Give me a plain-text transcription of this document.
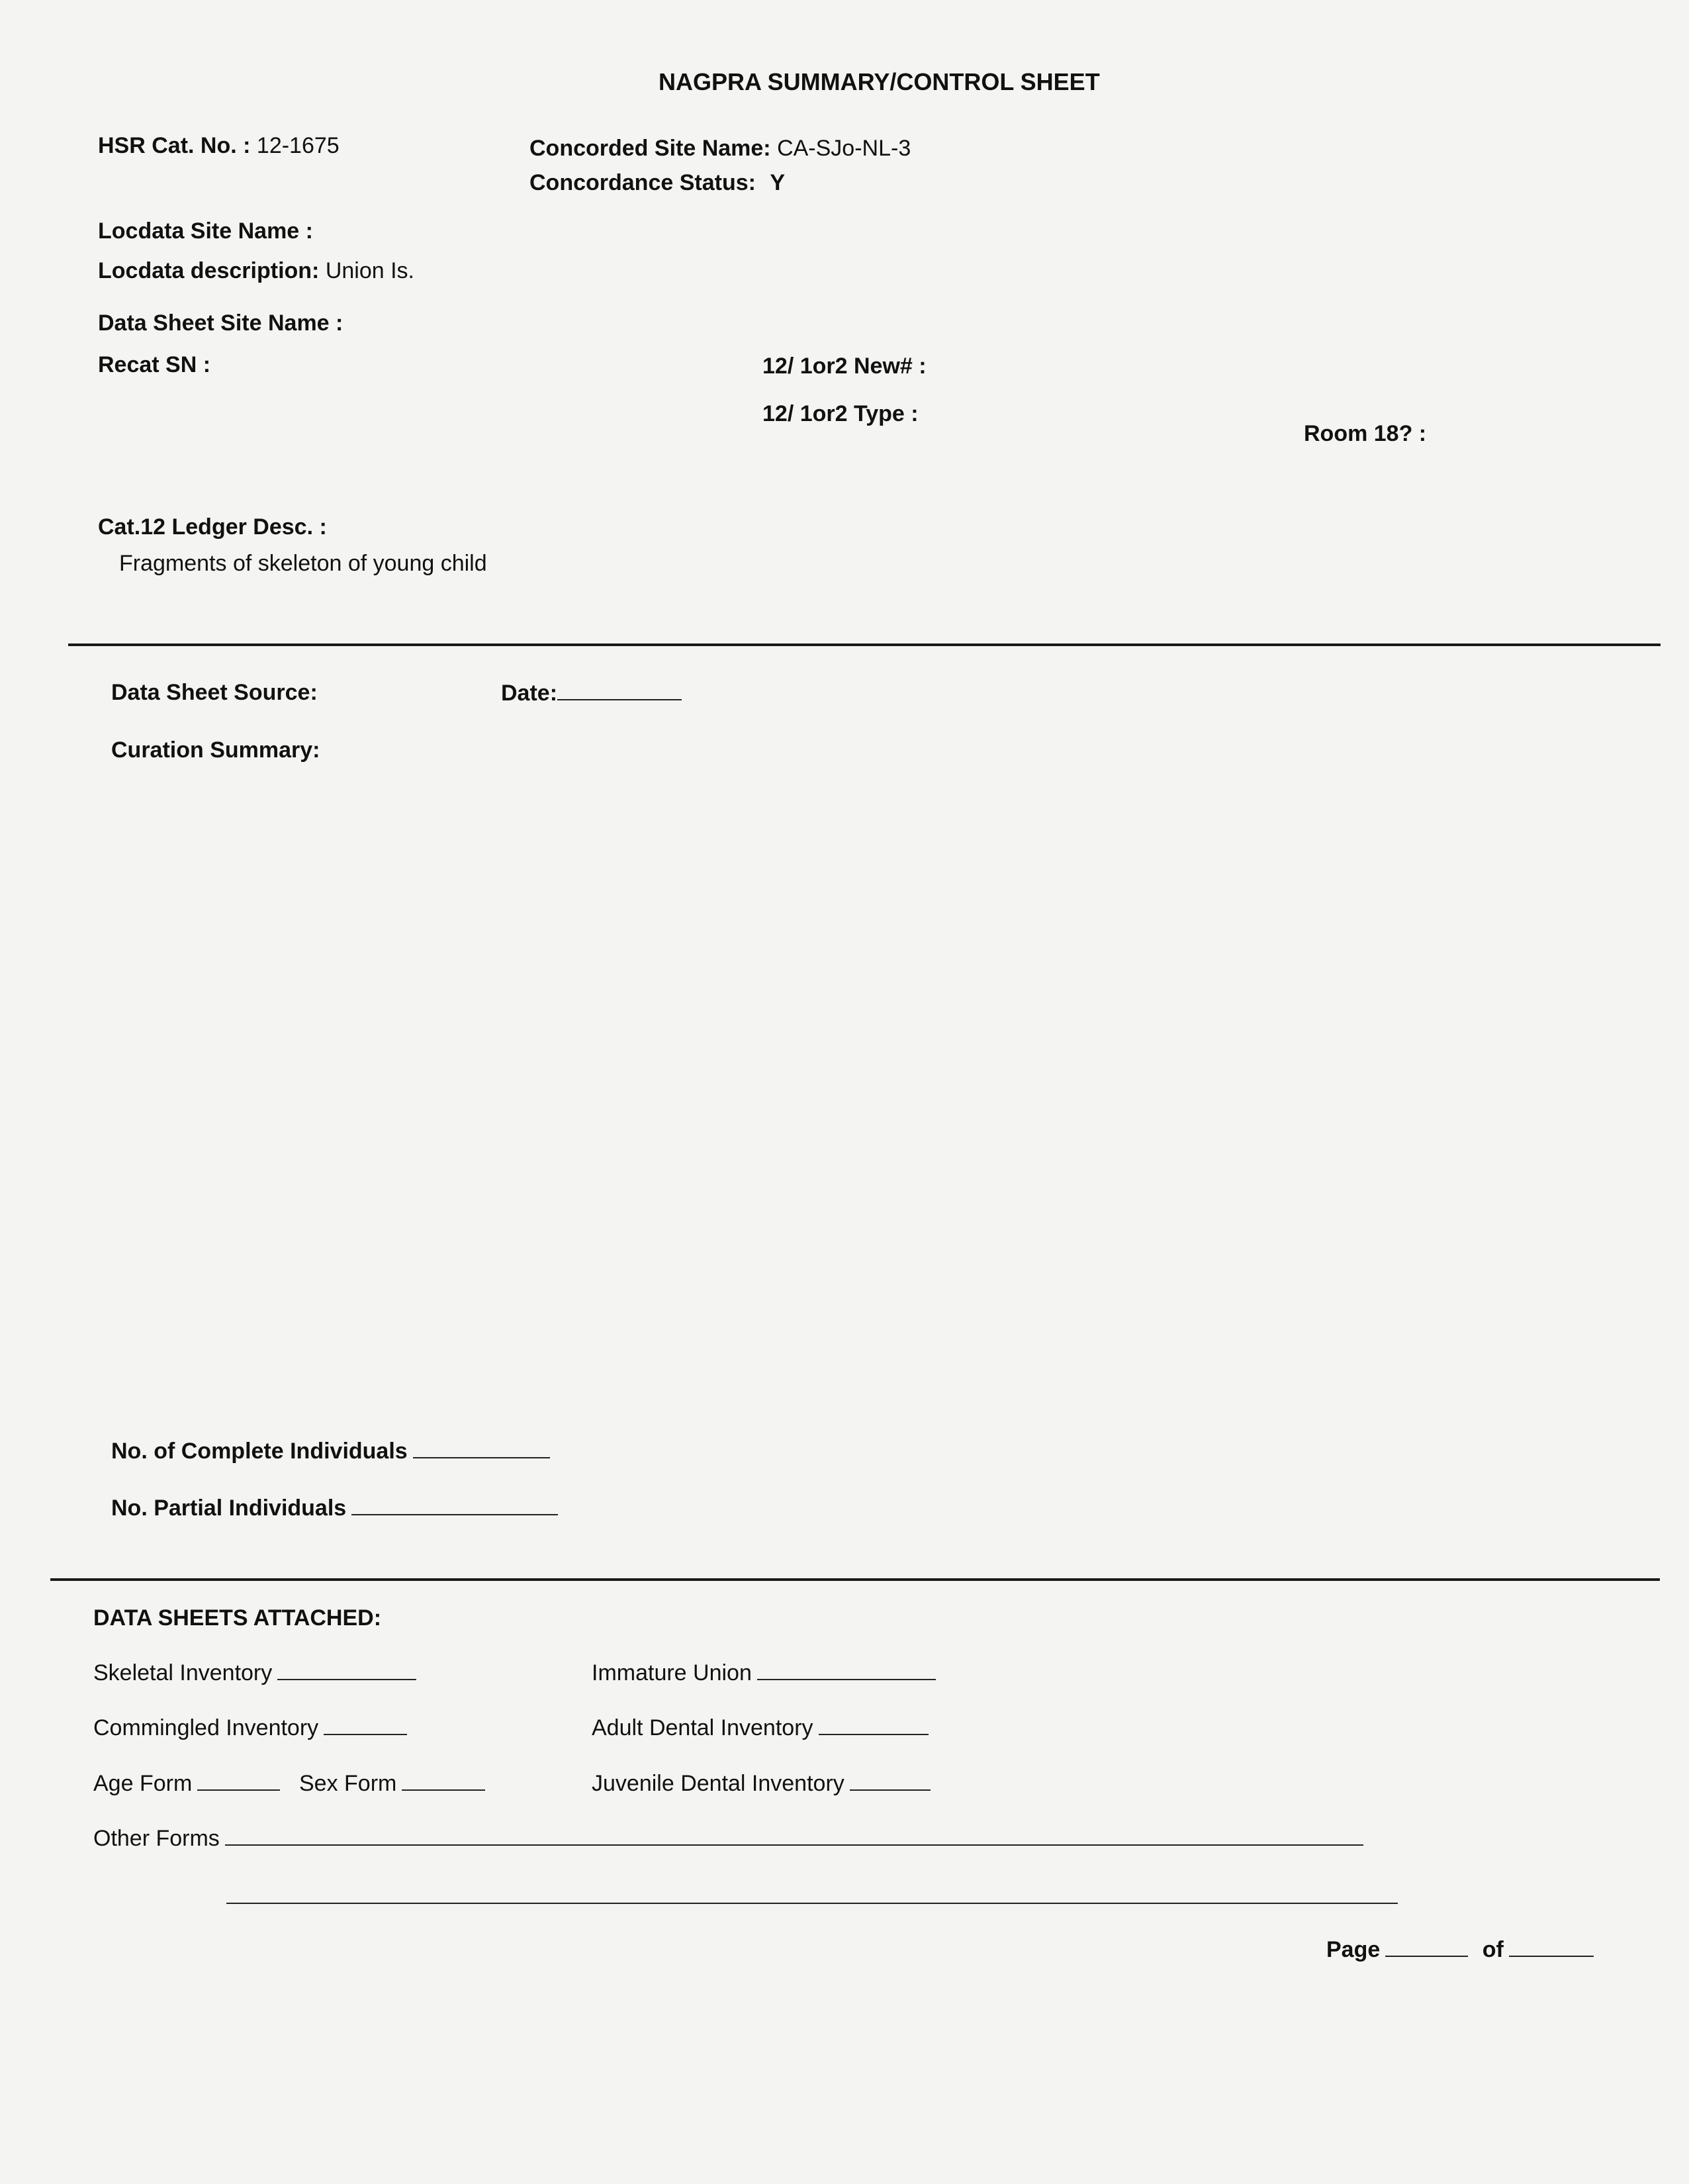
NAGPRA SUMMARY/CONTROL SHEET
HSR Cat. No. : 12-1675	Concorded Site Name: CA-SJo-NL-3
Concordance Status: Y
Locdata Site Name :
Locdata description: Union Is.
Data Sheet Site Name :
Recat SN :	12/ 1or2 New# :
12/ 1or2 Type :
Room 18? :
Cat.12 Ledger Desc. :
Fragments of skeleton of young child
Data Sheet Source:	Date:
Curation Summary:
No. of Complete Individuals
No. Partial Individuals
DATA SHEETS ATTACHED:
Skeletal Inventory	Immature Union
Commingled Inventory	Adult Dental Inventory
Age Form	Sex Form	Juvenile Dental Inventory
Other Forms
Page	of
